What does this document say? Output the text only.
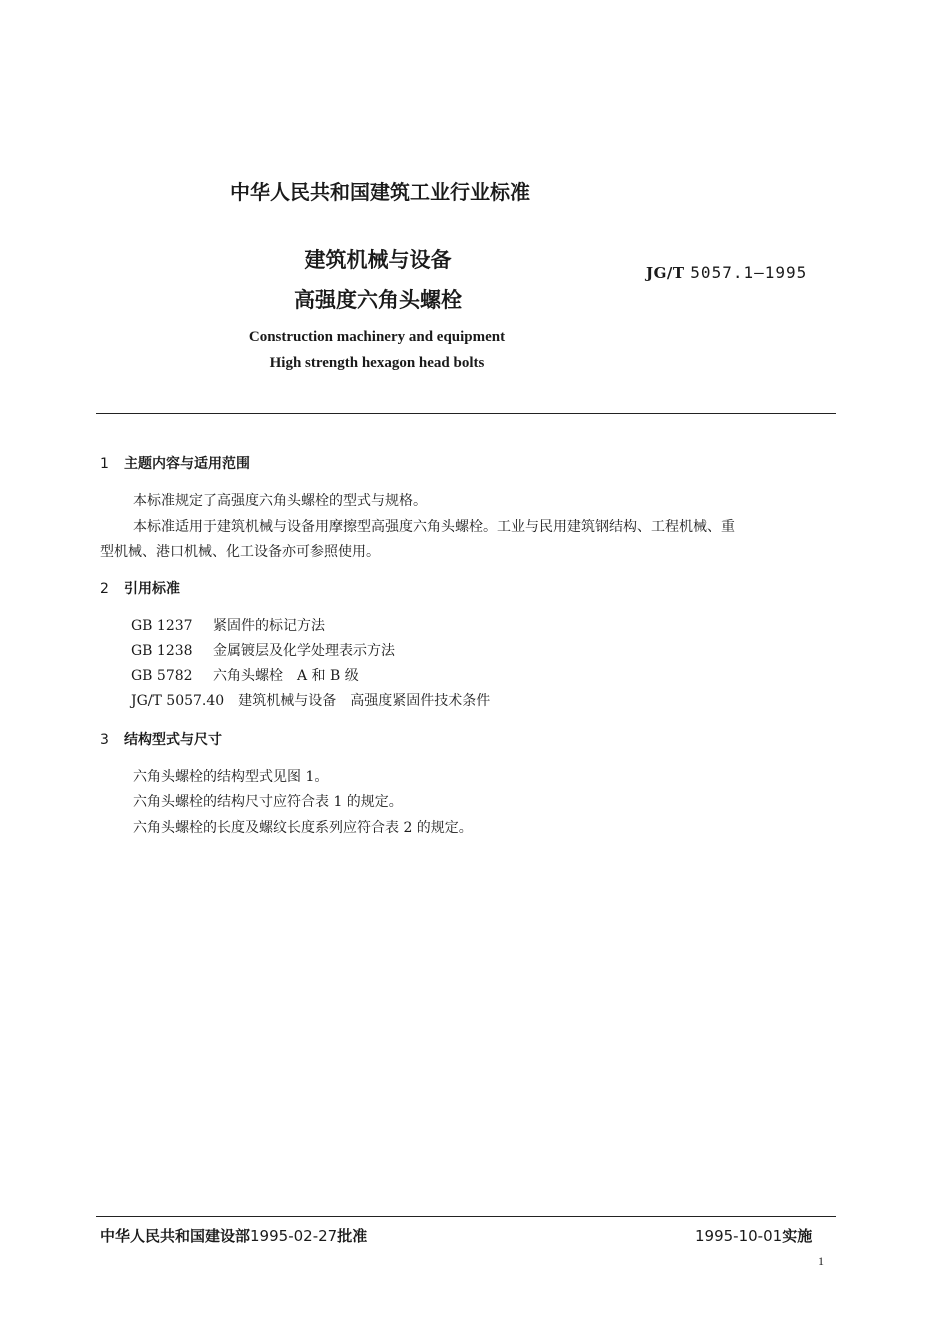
中华人民共和国建筑工业行业标准
建筑机械与设备
高强度六角头螺栓
JG/T 5057.1—1995
Construction machinery and equipment
High strength hexagon head bolts
1 主题内容与适用范围
本标准规定了高强度六角头螺栓的型式与规格。
本标准适用于建筑机械与设备用摩擦型高强度六角头螺栓。工业与民用建筑钢结构、工程机械、重
型机械、港口机械、化工设备亦可参照使用。
2 引用标准
GB 1237 紧固件的标记方法
GB 1238 金属镀层及化学处理表示方法
GB 5782 六角头螺栓　A 和 B 级
JG/T 5057.40 建筑机械与设备　高强度紧固件技术条件
3 结构型式与尺寸
六角头螺栓的结构型式见图 1。
六角头螺栓的结构尺寸应符合表 1 的规定。
六角头螺栓的长度及螺纹长度系列应符合表 2 的规定。
中华人民共和国建设部1995-02-27批准	1995-10-01实施
1
